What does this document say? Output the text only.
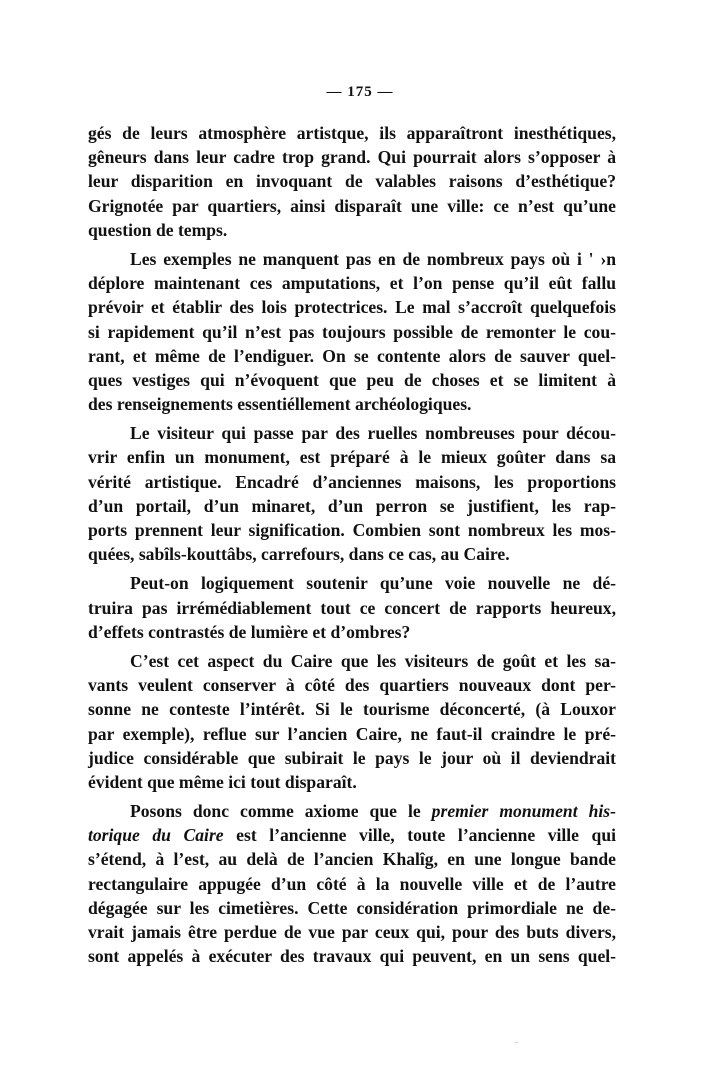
— 175 —
gés de leurs atmosphère artistque, ils apparaîtront inesthétiques,
gêneurs dans leur cadre trop grand. Qui pourrait alors s’opposer à
leur disparition en invoquant de valables raisons d’esthétique?
Grignotée par quartiers, ainsi disparaît une ville: ce n’est qu’une
question de temps.
Les exemples ne manquent pas en de nombreux pays où i ' ›n
déplore maintenant ces amputations, et l’on pense qu’il eût fallu
prévoir et établir des lois protectrices. Le mal s’accroît quelquefois
si rapidement qu’il n’est pas toujours possible de remonter le cou-
rant, et même de l’endiguer. On se contente alors de sauver quel-
ques vestiges qui n’évoquent que peu de choses et se limitent à
des renseignements essentiéllement archéologiques.
Le visiteur qui passe par des ruelles nombreuses pour décou-
vrir enfin un monument, est préparé à le mieux goûter dans sa
vérité artistique. Encadré d’anciennes maisons, les proportions
d’un portail, d’un minaret, d’un perron se justifient, les rap-
ports prennent leur signification. Combien sont nombreux les mos-
quées, sabîls-kouttâbs, carrefours, dans ce cas, au Caire.
Peut-on logiquement soutenir qu’une voie nouvelle ne dé-
truira pas irrémédiablement tout ce concert de rapports heureux,
d’effets contrastés de lumière et d’ombres?
C’est cet aspect du Caire que les visiteurs de goût et les sa-
vants veulent conserver à côté des quartiers nouveaux dont per-
sonne ne conteste l’intérêt. Si le tourisme déconcerté, (à Louxor
par exemple), reflue sur l’ancien Caire, ne faut-il craindre le pré-
judice considérable que subirait le pays le jour où il deviendrait
évident que même ici tout disparaît.
Posons donc comme axiome que le premier monument his-
torique du Caire est l’ancienne ville, toute l’ancienne ville qui
s’étend, à l’est, au delà de l’ancien Khalîg, en une longue bande
rectangulaire appugée d’un côté à la nouvelle ville et de l’autre
dégagée sur les cimetières. Cette considération primordiale ne de-
vrait jamais être perdue de vue par ceux qui, pour des buts divers,
sont appelés à exécuter des travaux qui peuvent, en un sens quel-
